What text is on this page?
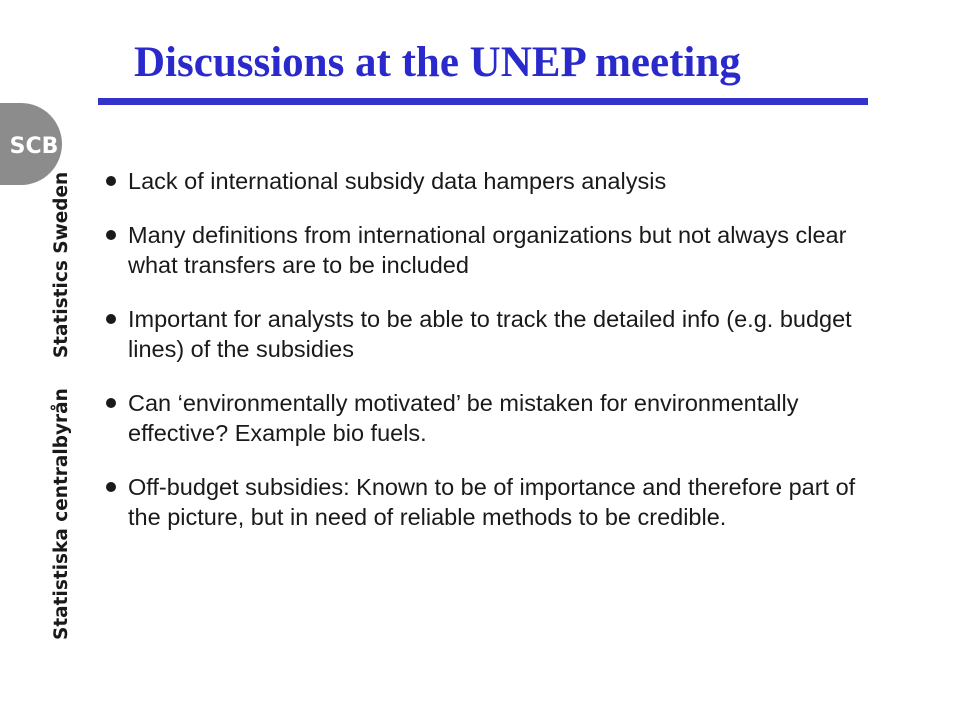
Discussions at the UNEP meeting
SCB
Statistiska centralbyrånStatistics Sweden	Lack of international subsidy data hampers analysis
Many definitions from international organizations but not always clear what transfers are to be included
Important for analysts to be able to track the detailed info (e.g. budget lines) of the subsidies
Can ‘environmentally motivated’ be mistaken for environmentally effective? Example bio fuels.
Off-budget subsidies: Known to be of importance and therefore part of the picture, but in need of reliable methods to be credible.
